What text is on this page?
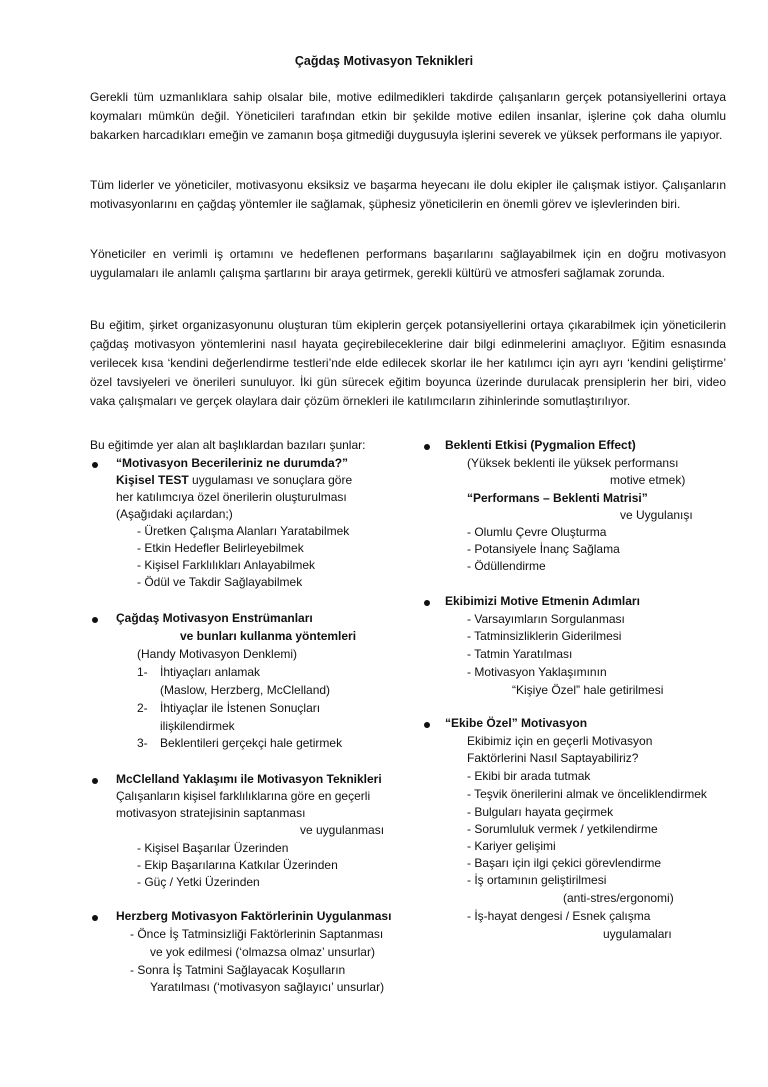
Çağdaş Motivasyon Teknikleri

Gerekli tüm uzmanlıklara sahip olsalar bile, motive edilmedikleri takdirde çalışanların gerçek potansiyellerini ortaya koymaları mümkün değil. Yöneticileri tarafından etkin bir şekilde motive edilen insanlar, işlerine çok daha olumlu bakarken harcadıkları emeğin ve zamanın boşa gitmediği duygusuyla işlerini severek ve yüksek performans ile yapıyor.

Tüm liderler ve yöneticiler, motivasyonu eksiksiz ve başarma heyecanı ile dolu ekipler ile çalışmak istiyor. Çalışanların motivasyonlarını en çağdaş yöntemler ile sağlamak, şüphesiz yöneticilerin en önemli görev ve işlevlerinden biri.

Yöneticiler en verimli iş ortamını ve hedeflenen performans başarılarını sağlayabilmek için en doğru motivasyon uygulamaları ile anlamlı çalışma şartlarını bir araya getirmek, gerekli kültürü ve atmosferi sağlamak zorunda.

Bu eğitim, şirket organizasyonunu oluşturan tüm ekiplerin gerçek potansiyellerini ortaya çıkarabilmek için yöneticilerin çağdaş motivasyon yöntemlerini nasıl hayata geçirebileceklerine dair bilgi edinmelerini amaçlıyor. Eğitim esnasında verilecek kısa ‘kendini değerlendirme testleri’nde elde edilecek skorlar ile her katılımcı için ayrı ayrı ‘kendini geliştirme’ özel tavsiyeleri ve önerileri sunuluyor. İki gün sürecek eğitim boyunca üzerinde durulacak prensiplerin her biri, video vaka çalışmaları ve gerçek olaylara dair çözüm örnekleri ile katılımcıların zihinlerinde somutlaştırılıyor.

Bu eğitimde yer alan alt başlıklardan bazıları şunlar:
“Motivasyon Becerileriniz ne durumda?”
Kişisel TEST uygulaması ve sonuçlara göre
her katılımcıya özel önerilerin oluşturulması
(Aşağıdaki açılardan;)
- Üretken Çalışma Alanları Yaratabilmek
- Etkin Hedefler Belirleyebilmek
- Kişisel Farklılıkları Anlayabilmek
- Ödül ve Takdir Sağlayabilmek
Çağdaş Motivasyon Enstrümanları
ve bunları kullanma yöntemleri
(Handy Motivasyon Denklemi)
1- İhtiyaçları anlamak
(Maslow, Herzberg, McClelland)
2- İhtiyaçlar ile İstenen Sonuçları
ilişkilendirmek
3- Beklentileri gerçekçi hale getirmek
McClelland Yaklaşımı ile Motivasyon Teknikleri
Çalışanların kişisel farklılıklarına göre en geçerli
motivasyon stratejisinin saptanması
ve uygulanması
- Kişisel Başarılar Üzerinden
- Ekip Başarılarına Katkılar Üzerinden
- Güç / Yetki Üzerinden
Herzberg Motivasyon Faktörlerinin Uygulanması
- Önce İş Tatminsizliği Faktörlerinin Saptanması
ve yok edilmesi (‘olmazsa olmaz’ unsurlar)
- Sonra İş Tatmini Sağlayacak Koşulların
Yaratılması (‘motivasyon sağlayıcı’ unsurlar)
Beklenti Etkisi (Pygmalion Effect)
(Yüksek beklenti ile yüksek performansı
motive etmek)
“Performans – Beklenti Matrisi”
ve Uygulanışı
- Olumlu Çevre Oluşturma
- Potansiyele İnanç Sağlama
- Ödüllendirme
Ekibimizi Motive Etmenin Adımları
- Varsayımların Sorgulanması
- Tatminsizliklerin Giderilmesi
- Tatmin Yaratılması
- Motivasyon Yaklaşımının
“Kişiye Özel” hale getirilmesi
“Ekibe Özel” Motivasyon
Ekibimiz için en geçerli Motivasyon
Faktörlerini Nasıl Saptayabiliriz?
- Ekibi bir arada tutmak
- Teşvik önerilerini almak ve önceliklendirmek
- Bulguları hayata geçirmek
- Sorumluluk vermek / yetkilendirme
- Kariyer gelişimi
- Başarı için ilgi çekici görevlendirme
- İş ortamının geliştirilmesi
(anti-stres/ergonomi)
- İş-hayat dengesi / Esnek çalışma
uygulamaları
